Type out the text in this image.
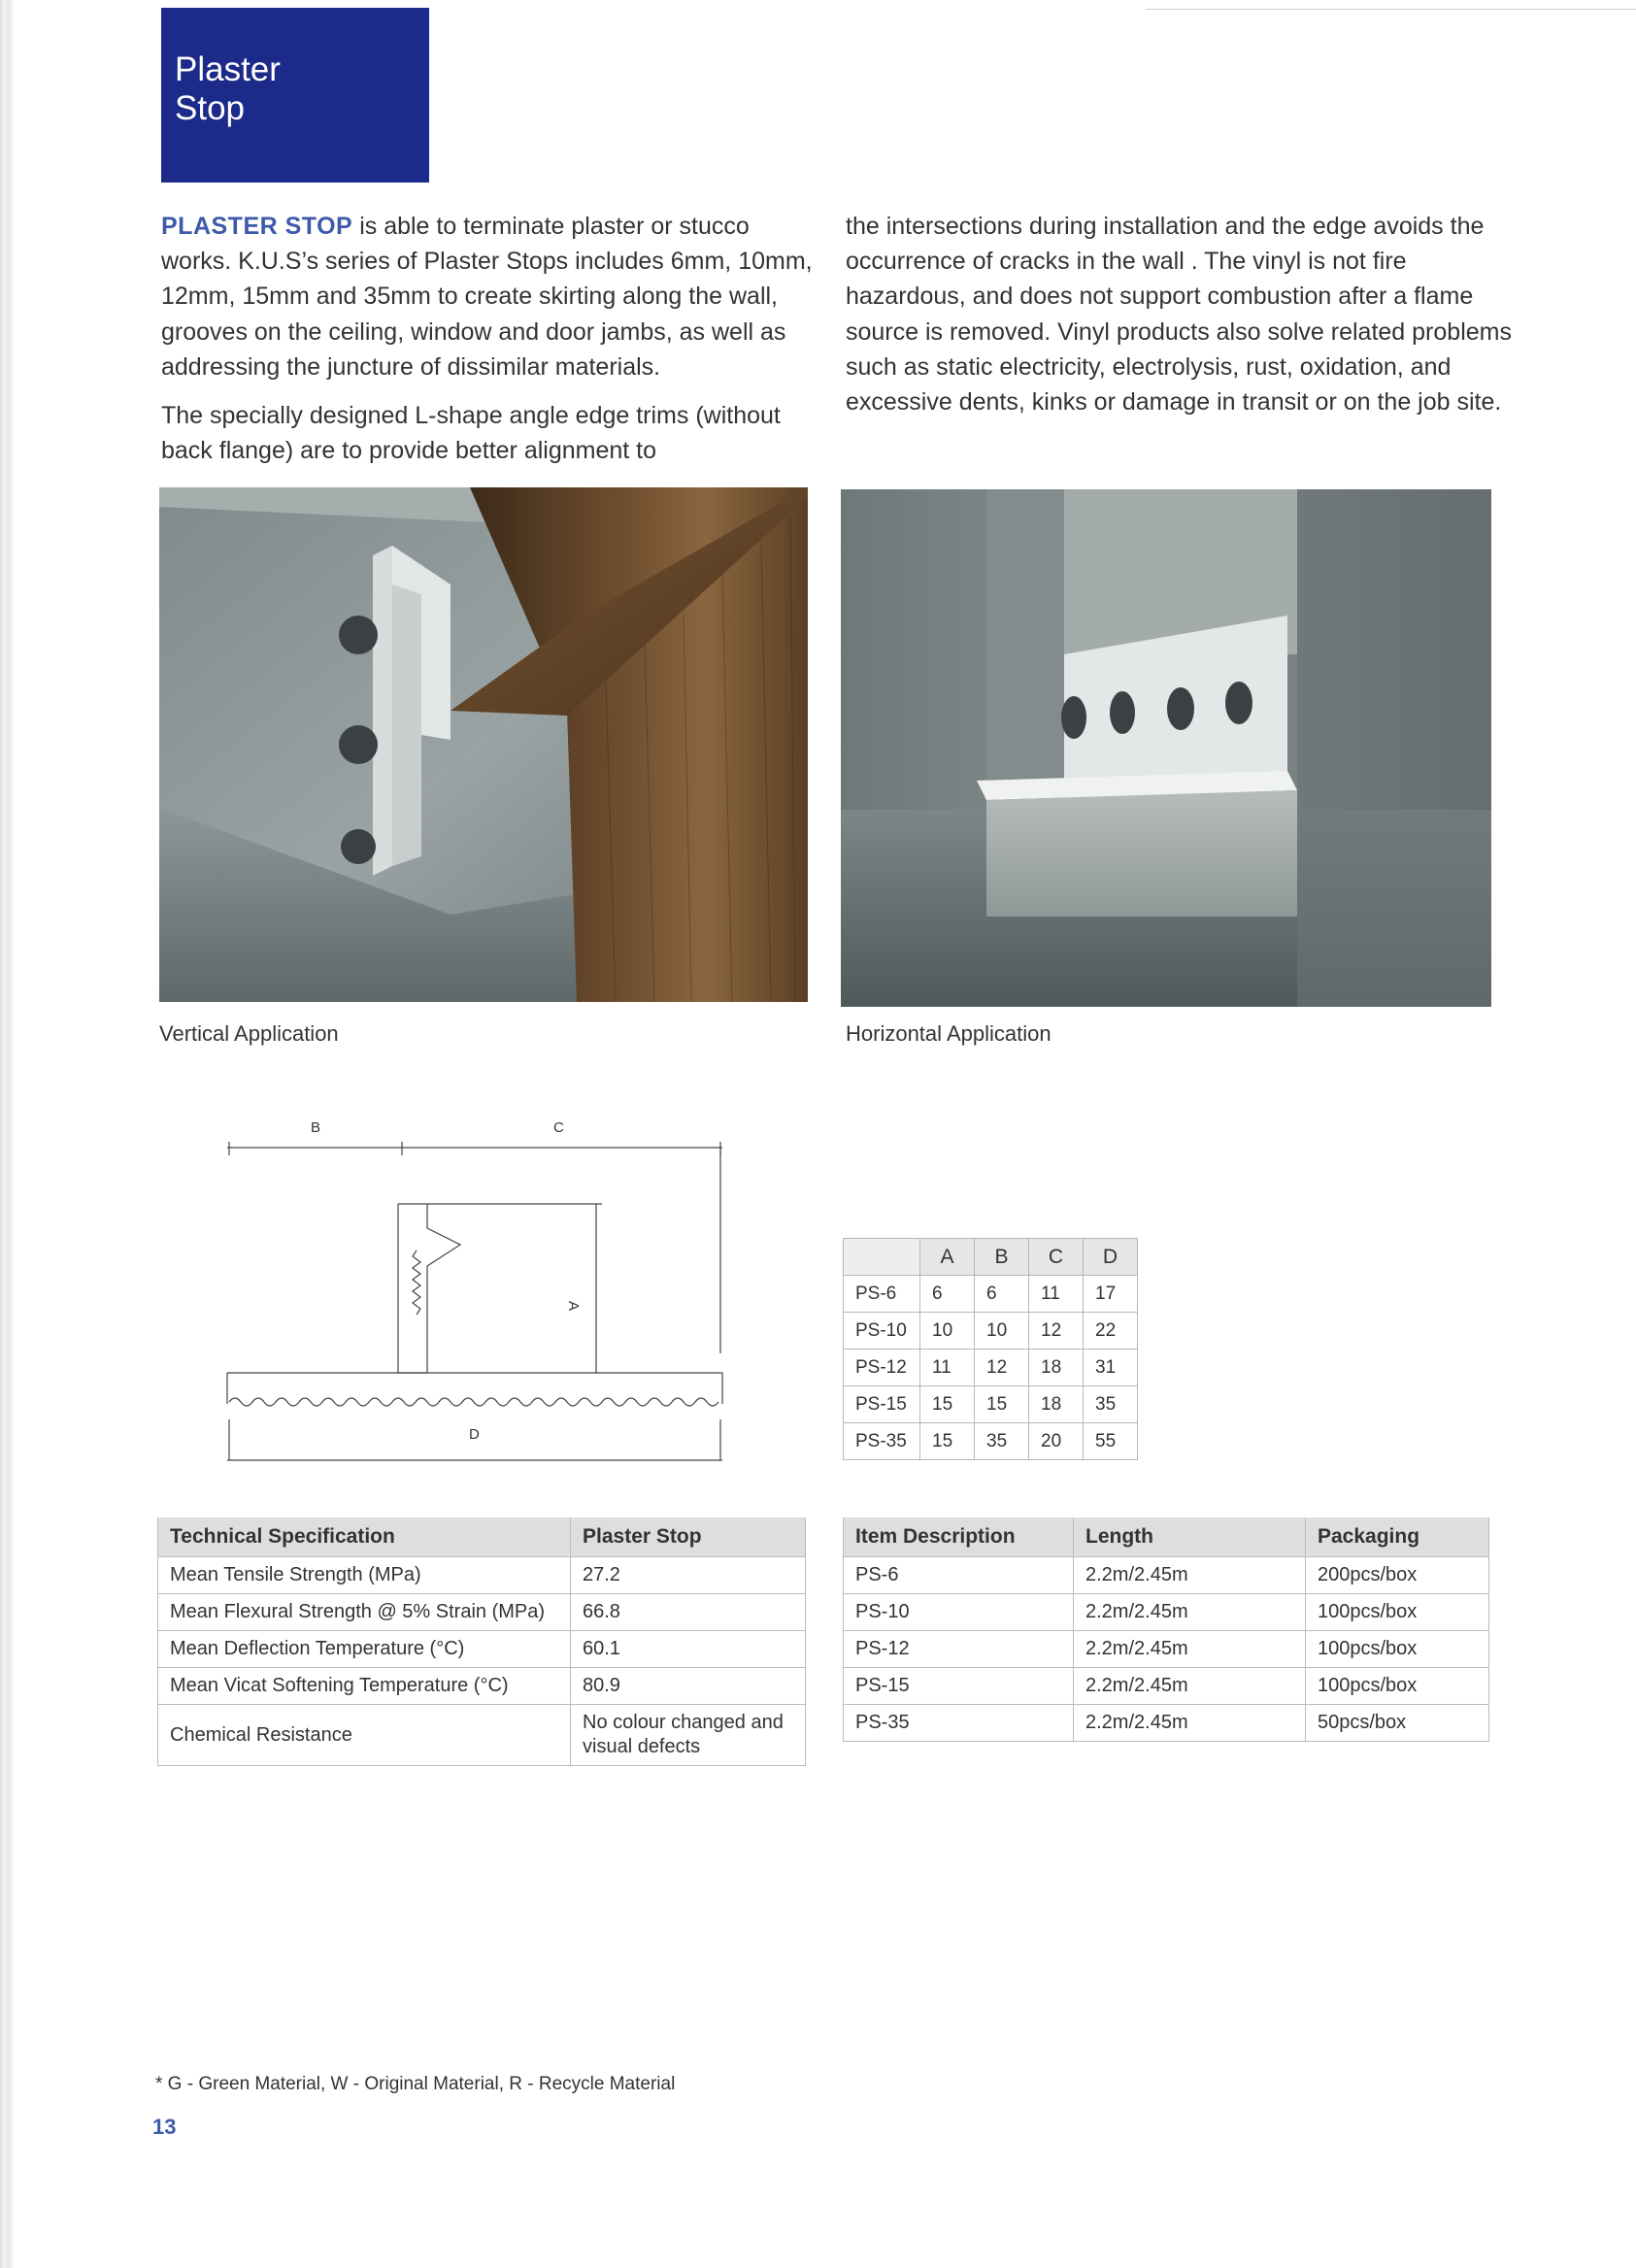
Plaster
Stop

PLASTER STOP is able to terminate plaster or stucco works. K.U.S’s series of Plaster Stops includes 6mm, 10mm, 12mm, 15mm and 35mm to create skirting along the wall, grooves on the ceiling, window and door jambs, as well as addressing the juncture of dissimilar materials.

The specially designed L-shape angle edge trims (without back flange) are to provide better alignment to

the intersections during installation and the edge avoids the occurrence of cracks in the wall . The vinyl is not fire hazardous, and does not support combustion after a flame source is removed. Vinyl products also solve related problems such as static electricity, electrolysis, rust, oxidation, and excessive dents, kinks or damage in transit or on the job site.

Vertical Application	Horizontal Application
B	C
A
D
	A	B	C	D
PS-6	6	6	11	17
PS-10	10	10	12	22
PS-12	11	12	18	31
PS-15	15	15	18	35
PS-35	15	35	20	55
Technical Specification	Plaster Stop
Mean Tensile Strength (MPa)	27.2
Mean Flexural Strength @ 5% Strain (MPa)	66.8
Mean Deflection Temperature (°C)	60.1
Mean Vicat Softening Temperature (°C)	80.9
Chemical Resistance	No colour changed and
visual defects
Item Description	Length	Packaging
PS-6	2.2m/2.45m	200pcs/box
PS-10	2.2m/2.45m	100pcs/box
PS-12	2.2m/2.45m	100pcs/box
PS-15	2.2m/2.45m	100pcs/box
PS-35	2.2m/2.45m	50pcs/box
* G - Green Material, W - Original Material, R - Recycle Material
13
